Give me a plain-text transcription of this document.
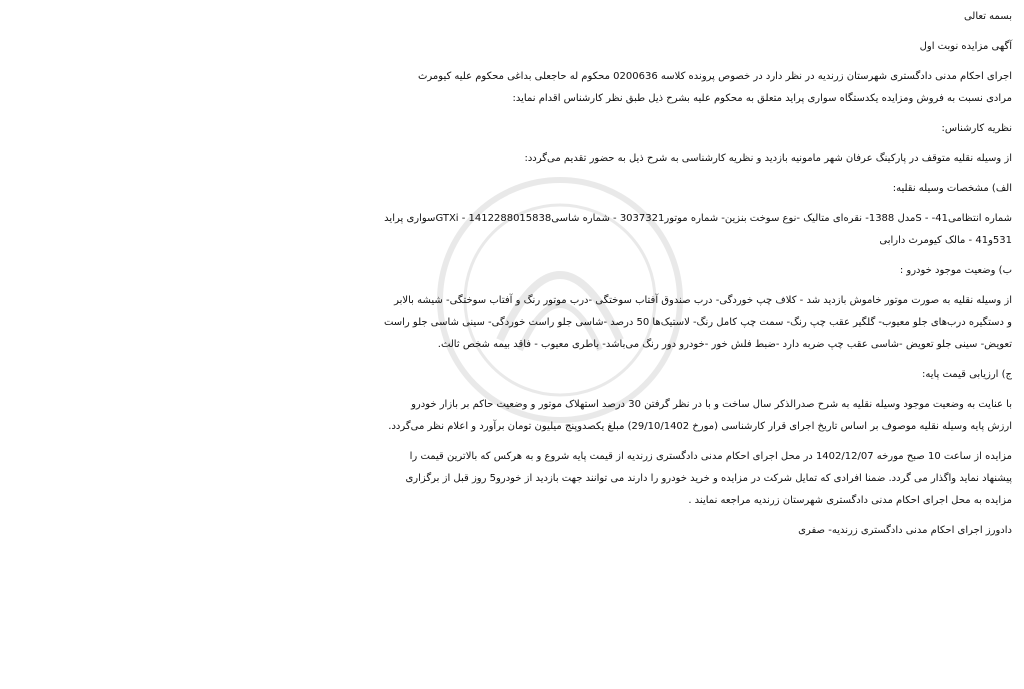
بسمه تعالی
آگهی مزایده نوبت اول
اجرای احکام مدنی دادگستری شهرستان زرندیه در نظر دارد در خصوص پرونده کلاسه 0200636 محکوم له حاجعلی بداغی محکوم علیه کیومرث
مرادی نسبت به فروش ومزایده یکدستگاه سواری پراید متعلق به محکوم علیه بشرح ذیل طبق نظر کارشناس اقدام نماید:
نظریه کارشناس:
از وسیله نقلیه متوقف در پارکینگ عرفان شهر مامونیه بازدید و نظریه کارشناسی به شرح ذیل به حضور تقدیم می‌گردد:
الف) مشخصات وسیله نقلیه:
شماره انتظامی41- - Sمدل 1388- نقره‌ای متالیک -نوع سوخت بنزین- شماره موتور3037321 - شماره شاسیGTXi - 1412288015838سواری پراید
531و41 - مالک کیومرث دارابی
ب) وضعیت موجود خودرو :
از وسیله نقلیه به صورت موتور خاموش بازدید شد - کلاف چپ خوردگی- درب صندوق آفتاب سوختگی -درب موتور رنگ و آفتاب سوختگی- شیشه بالابر
و دستگیره درب‌های جلو معیوب- گلگیر عقب چپ رنگ- سمت چپ کامل رنگ- لاستیک‌ها 50 درصد -شاسی جلو راست خوردگی- سینی شاسی جلو راست
تعویض- سینی جلو تعویض -شاسی عقب چپ ضربه دارد -ضبط فلش خور -خودرو دور رنگ می‌باشد- باطری معیوب - فاقد بیمه شخص ثالث.
ج) ارزیابی قیمت پایه:
با عنایت به وضعیت موجود وسیله نقلیه به شرح صدرالذکر سال ساخت و با در نظر گرفتن 30 درصد استهلاک موتور و وضعیت حاکم بر بازار خودرو
ارزش پایه وسیله نقلیه موصوف بر اساس تاریخ اجرای قرار کارشناسی (مورخ 29/10/1402) مبلغ یکصدوپنج میلیون تومان برآورد و اعلام نظر می‌گردد.
مزایده از ساعت 10 صبح مورخه 1402/12/07 در محل اجرای احکام مدنی دادگستری زرندیه از قیمت پایه شروع و به هرکس که بالاترین قیمت را
پیشنهاد نماید واگذار می گردد. ضمنا افرادی که تمایل شرکت در مزایده و خرید خودرو را دارند می توانند جهت بازدید از خودرو5 روز قبل از برگزاری
مزایده به محل اجرای احکام مدنی دادگستری شهرستان زرندیه مراجعه نمایند .
دادورز اجرای احکام مدنی دادگستری زرندیه- صفری
